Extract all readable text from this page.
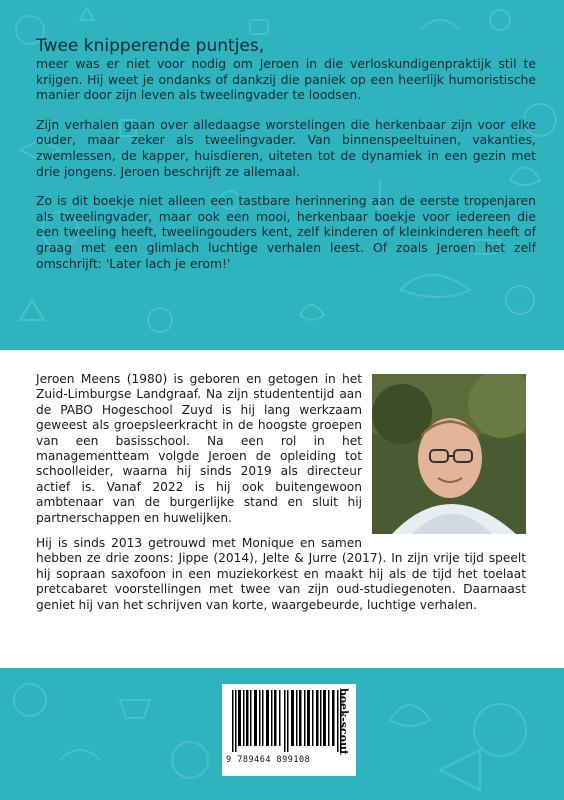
Twee knipperende puntjes,

meer was er niet voor nodig om Jeroen in die verloskundigenpraktijk stil te krijgen. Hij weet je ondanks of dankzij die paniek op een heerlijk humoristische manier door zijn leven als tweelingvader te loodsen.

Zijn verhalen gaan over alledaagse worstelingen die herkenbaar zijn voor elke ouder, maar zeker als tweelingvader. Van binnenspeeltuinen, vakanties, zwemlessen, de kapper, huisdieren, uiteten tot de dynamiek in een gezin met drie jongens. Jeroen beschrijft ze allemaal.

Zo is dit boekje niet alleen een tastbare herinnering aan de eerste tropenjaren als tweelingvader, maar ook een mooi, herkenbaar boekje voor iedereen die een tweeling heeft, tweelingouders kent, zelf kinderen of kleinkinderen heeft of graag met een glimlach luchtige verhalen leest. Of zoals Jeroen het zelf omschrijft: 'Later lach je erom!'

Jeroen Meens (1980) is geboren en getogen in het Zuid-Limburgse Landgraaf. Na zijn studententijd aan de PABO Hogeschool Zuyd is hij lang werkzaam geweest als groepsleerkracht in de hoogste groepen van een basisschool. Na een rol in het managementteam volgde Jeroen de opleiding tot schoolleider, waarna hij sinds 2019 als directeur actief is. Vanaf 2022 is hij ook buitengewoon ambtenaar van de burgerlijke stand en sluit hij partnerschappen en huwelijken.

Hij is sinds 2013 getrouwd met Monique en samen hebben ze drie zoons: Jippe (2014), Jelte & Jurre (2017). In zijn vrije tijd speelt hij sopraan saxofoon in een muziekorkest en maakt hij als de tijd het toelaat pretcabaret voorstellingen met twee van zijn oud-studiegenoten. Daarnaast geniet hij van het schrijven van korte, waargebeurde, luchtige verhalen.

9 789464 899108
boek-scout
